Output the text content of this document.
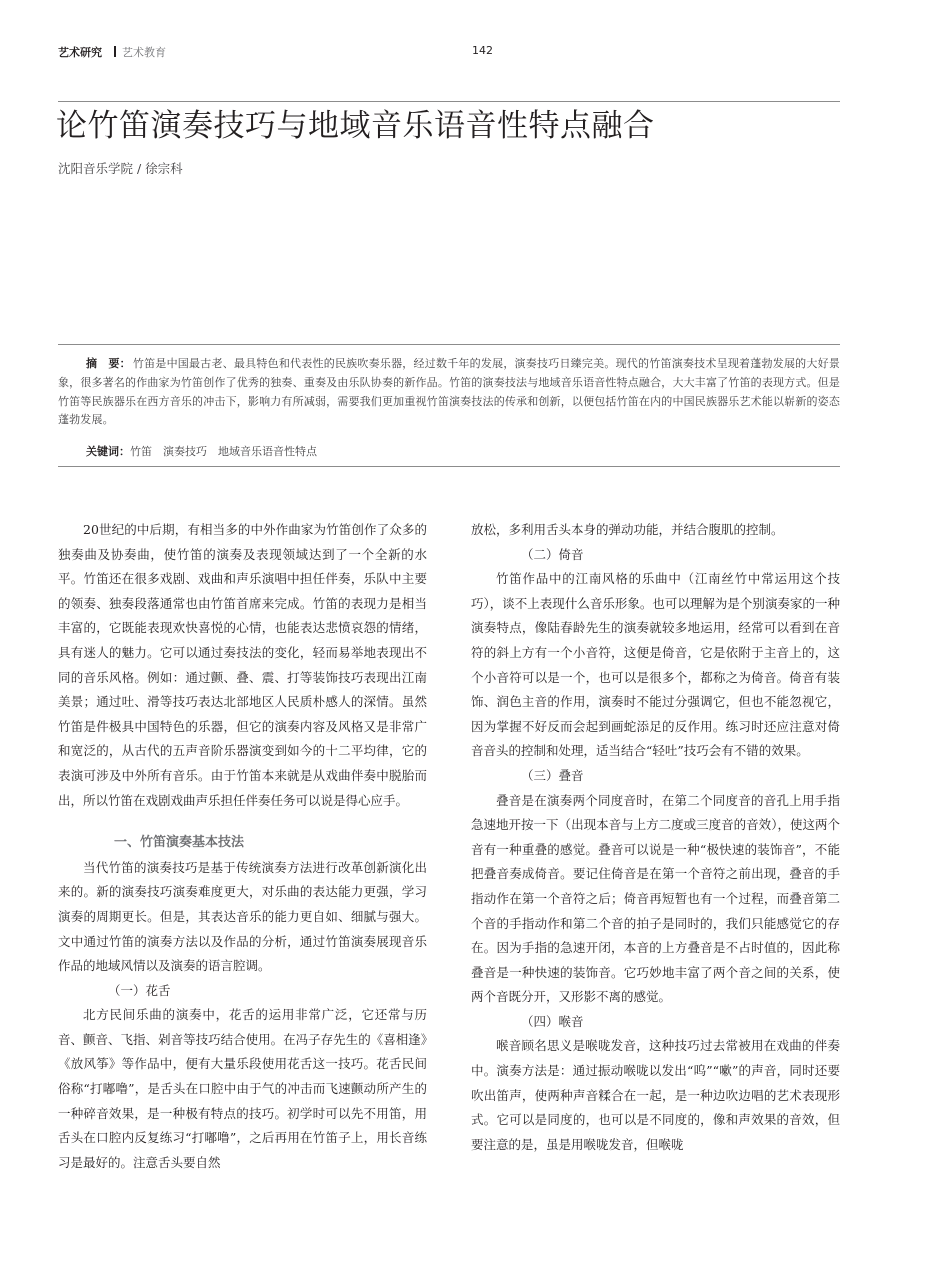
艺术研究 艺术教育	142
论竹笛演奏技巧与地域音乐语音性特点融合
沈阳音乐学院 / 徐宗科

摘　要： 竹笛是中国最古老、最具特色和代表性的民族吹奏乐器，经过数千年的发展，演奏技巧日臻完美。现代的竹笛演奏技术呈现着蓬勃发展的大好景象，很多著名的作曲家为竹笛创作了优秀的独奏、重奏及由乐队协奏的新作品。竹笛的演奏技法与地域音乐语音性特点融合，大大丰富了竹笛的表现方式。但是竹笛等民族器乐在西方音乐的冲击下，影响力有所减弱，需要我们更加重视竹笛演奏技法的传承和创新，以便包括竹笛在内的中国民族器乐艺术能以崭新的姿态蓬勃发展。

关键词：竹笛　演奏技巧　地域音乐语音性特点

20世纪的中后期，有相当多的中外作曲家为竹笛创作了众多的独奏曲及协奏曲，使竹笛的演奏及表现领域达到了一个全新的水平。竹笛还在很多戏剧、戏曲和声乐演唱中担任伴奏，乐队中主要的领奏、独奏段落通常也由竹笛首席来完成。竹笛的表现力是相当丰富的，它既能表现欢快喜悦的心情，也能表达悲愤哀怨的情绪，具有迷人的魅力。它可以通过奏技法的变化，轻而易举地表现出不同的音乐风格。例如：通过颤、叠、震、打等装饰技巧表现出江南美景；通过吐、滑等技巧表达北部地区人民质朴感人的深情。虽然竹笛是件极具中国特色的乐器，但它的演奏内容及风格又是非常广和宽泛的，从古代的五声音阶乐器演变到如今的十二平均律，它的表演可涉及中外所有音乐。由于竹笛本来就是从戏曲伴奏中脱胎而出，所以竹笛在戏剧戏曲声乐担任伴奏任务可以说是得心应手。

一、竹笛演奏基本技法

当代竹笛的演奏技巧是基于传统演奏方法进行改革创新演化出来的。新的演奏技巧演奏难度更大，对乐曲的表达能力更强，学习演奏的周期更长。但是，其表达音乐的能力更自如、细腻与强大。文中通过竹笛的演奏方法以及作品的分析，通过竹笛演奏展现音乐作品的地域风情以及演奏的语言腔调。

（一）花舌

北方民间乐曲的演奏中，花舌的运用非常广泛，它还常与历音、颤音、飞指、剁音等技巧结合使用。在冯子存先生的《喜相逢》《放风筝》等作品中，便有大量乐段使用花舌这一技巧。花舌民间俗称“打嘟噜”，是舌头在口腔中由于气的冲击而飞速颤动所产生的一种碎音效果，是一种极有特点的技巧。初学时可以先不用笛，用舌头在口腔内反复练习“打嘟噜”，之后再用在竹笛子上，用长音练习是最好的。注意舌头要自然

放松，多利用舌头本身的弹动功能，并结合腹肌的控制。

（二）倚音

竹笛作品中的江南风格的乐曲中（江南丝竹中常运用这个技巧），谈不上表现什么音乐形象。也可以理解为是个别演奏家的一种演奏特点，像陆春龄先生的演奏就较多地运用，经常可以看到在音符的斜上方有一个小音符，这便是倚音，它是依附于主音上的，这个小音符可以是一个，也可以是很多个，都称之为倚音。倚音有装饰、润色主音的作用，演奏时不能过分强调它，但也不能忽视它，因为掌握不好反而会起到画蛇添足的反作用。练习时还应注意对倚音音头的控制和处理，适当结合“轻吐”技巧会有不错的效果。

（三）叠音

叠音是在演奏两个同度音时，在第二个同度音的音孔上用手指急速地开按一下（出现本音与上方二度或三度音的音效），使这两个音有一种重叠的感觉。叠音可以说是一种“极快速的装饰音”，不能把叠音奏成倚音。要记住倚音是在第一个音符之前出现，叠音的手指动作在第一个音符之后；倚音再短暂也有一个过程，而叠音第二个音的手指动作和第二个音的拍子是同时的，我们只能感觉它的存在。因为手指的急速开闭，本音的上方叠音是不占时值的，因此称叠音是一种快速的装饰音。它巧妙地丰富了两个音之间的关系，使两个音既分开，又形影不离的感觉。

（四）喉音

喉音顾名思义是喉咙发音，这种技巧过去常被用在戏曲的伴奏中。演奏方法是：通过振动喉咙以发出“呜”“嗽”的声音，同时还要吹出笛声，使两种声音糅合在一起，是一种边吹边唱的艺术表现形式。它可以是同度的，也可以是不同度的，像和声效果的音效，但要注意的是，虽是用喉咙发音，但喉咙
